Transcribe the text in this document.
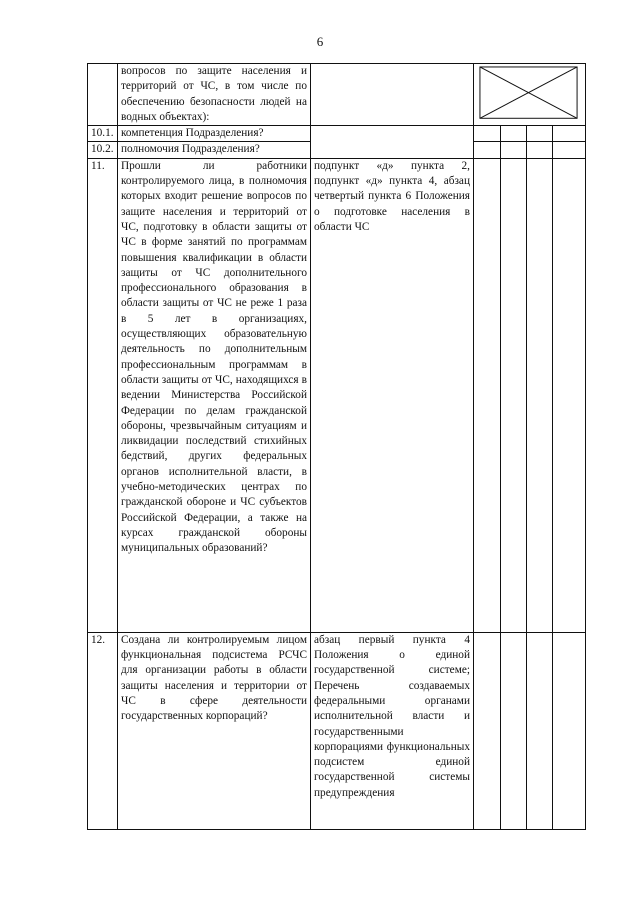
6
	вопросов по защите населения и территорий от ЧС, в том числе по обеспечению безопасности людей на водных объектах):		

10.1.	компетенция Подразделения?					
10.2.	полномочия Подразделения?					
11.	Прошли ли работники контролируемого лица, в полномочия которых входит решение вопросов по защите населения и территорий от ЧС, подготовку в области защиты от ЧС в форме занятий по программам повышения квалификации в области защиты от ЧС дополнительного профессионального образования в области защиты от ЧС не реже 1 раза в 5 лет в организациях, осуществляющих образовательную деятельность по дополнительным профессиональным программам в области защиты от ЧС, находящихся в ведении Министерства Российской Федерации по делам гражданской обороны, чрезвычайным ситуациям и ликвидации последствий стихийных бедствий, других федеральных органов исполнительной власти, в учебно-методических центрах по гражданской обороне и ЧС субъектов Российской Федерации, а также на курсах гражданской обороны муниципальных образований?	подпункт «д» пункта 2, подпункт «д» пункта 4, абзац четвертый пункта 6 Положения о подготовке населения в области ЧС				
12.	Создана ли контролируемым лицом функциональная подсистема РСЧС для организации работы в области защиты населения и территории от ЧС в сфере деятельности государственных корпораций?	абзац первый пункта 4 Положения о единой государственной системе; Перечень создаваемых федеральными органами исполнительной власти и государственными корпорациями функциональных подсистем единой государственной системы предупреждения				
